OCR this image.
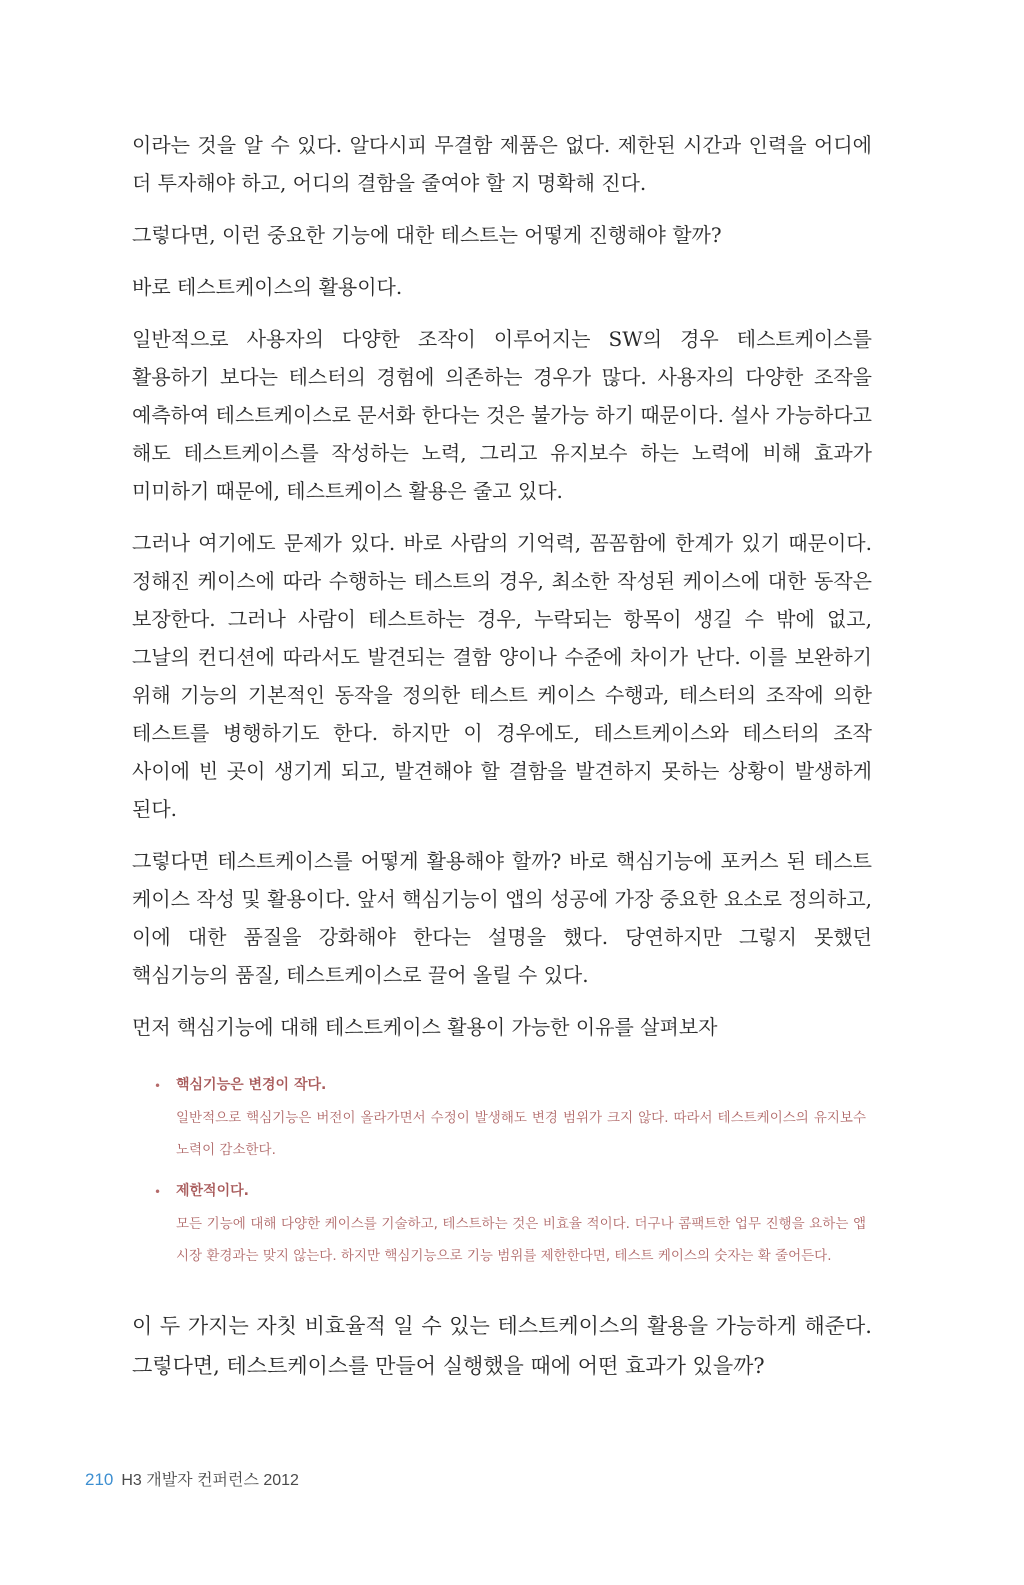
이라는 것을 알 수 있다. 알다시피 무결함 제품은 없다. 제한된 시간과 인력을 어디에 더 투자해야 하고, 어디의 결함을 줄여야 할 지 명확해 진다.

그렇다면, 이런 중요한 기능에 대한 테스트는 어떻게 진행해야 할까?

바로 테스트케이스의 활용이다.

일반적으로 사용자의 다양한 조작이 이루어지는 SW의 경우 테스트케이스를 활용하기 보다는 테스터의 경험에 의존하는 경우가 많다. 사용자의 다양한 조작을 예측하여 테스트케이스로 문서화 한다는 것은 불가능 하기 때문이다. 설사 가능하다고 해도 테스트케이스를 작성하는 노력, 그리고 유지보수 하는 노력에 비해 효과가 미미하기 때문에, 테스트케이스 활용은 줄고 있다.

그러나 여기에도 문제가 있다. 바로 사람의 기억력, 꼼꼼함에 한계가 있기 때문이다. 정해진 케이스에 따라 수행하는 테스트의 경우, 최소한 작성된 케이스에 대한 동작은 보장한다. 그러나 사람이 테스트하는 경우, 누락되는 항목이 생길 수 밖에 없고, 그날의 컨디션에 따라서도 발견되는 결함 양이나 수준에 차이가 난다. 이를 보완하기 위해 기능의 기본적인 동작을 정의한 테스트 케이스 수행과, 테스터의 조작에 의한 테스트를 병행하기도 한다. 하지만 이 경우에도, 테스트케이스와 테스터의 조작 사이에 빈 곳이 생기게 되고, 발견해야 할 결함을 발견하지 못하는 상황이 발생하게 된다.

그렇다면 테스트케이스를 어떻게 활용해야 할까? 바로 핵심기능에 포커스 된 테스트 케이스 작성 및 활용이다. 앞서 핵심기능이 앱의 성공에 가장 중요한 요소로 정의하고, 이에 대한 품질을 강화해야 한다는 설명을 했다. 당연하지만 그렇지 못했던 핵심기능의 품질, 테스트케이스로 끌어 올릴 수 있다.

먼저 핵심기능에 대해 테스트케이스 활용이 가능한 이유를 살펴보자

• 핵심기능은 변경이 작다.
일반적으로 핵심기능은 버전이 올라가면서 수정이 발생해도 변경 범위가 크지 않다. 따라서 테스트케이스의 유지보수 노력이 감소한다.
• 제한적이다.
모든 기능에 대해 다양한 케이스를 기술하고, 테스트하는 것은 비효율 적이다. 더구나 콤팩트한 업무 진행을 요하는 앱 시장 환경과는 맞지 않는다. 하지만 핵심기능으로 기능 범위를 제한한다면, 테스트 케이스의 숫자는 확 줄어든다.

이 두 가지는 자칫 비효율적 일 수 있는 테스트케이스의 활용을 가능하게 해준다. 그렇다면, 테스트케이스를 만들어 실행했을 때에 어떤 효과가 있을까?

210 H3 개발자 컨퍼런스 2012
